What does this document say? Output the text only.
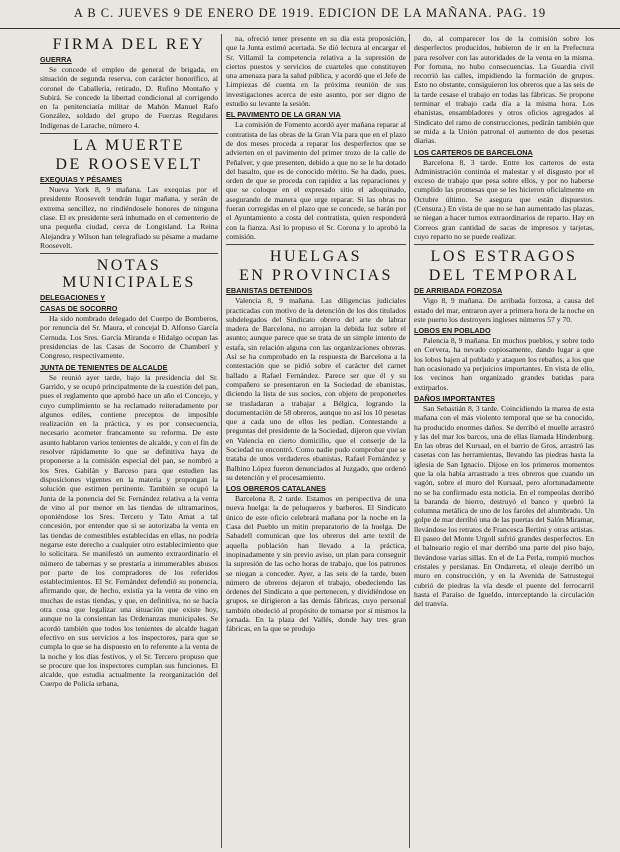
A B C. JUEVES 9 DE ENERO DE 1919. EDICION DE LA MAÑANA. PAG. 19
FIRMA DEL REY
GUERRA

Se concede el empleo de general de brigada, en situación de segunda reserva, con carácter honorífico, al coronel de Caballería, retirado, D. Rufino Montaño y Subirá. Se concede la libertad condicional al corrigendo en la penitenciaría militar de Mahón Manuel Rafo González, soldado del grupo de Fuerzas Regulares Indígenas de Larache, número 4.

LA MUERTE
DE ROOSEVELT
EXEQUIAS Y PÉSAMES

Nueva York 8, 9 mañana. Las exequias por el presidente Roosevelt tendrán lugar mañana, y serán de extrema sencillez, no rindiéndosele honores de ninguna clase. El ex presidente será inhumado en el cementerio de una pequeña ciudad, cerca de Longisland. La Reina Alejandra y Wilson han telegrafiado su pésame a madame Roosevelt.

NOTAS MUNICIPALES
DELEGACIONES Y
CASAS DE SOCORRO

Ha sido nombrado delegado del Cuerpo de Bomberos, por renuncia del Sr. Maura, el concejal D. Alfonso García Cernuda. Los Sres. García Miranda e Hidalgo ocupan las presidencias de las Casas de Socorro de Chamberí y Congreso, respectivamente.

JUNTA DE TENIENTES DE ALCALDE

Se reunió ayer tarde, bajo la presidencia del Sr. Garrido, y se ocupó principalmente de la cuestión del pan, pues el reglamento que aprobó hace un año el Concejo, y cuyo cumplimiento se ha reclamado reiteradamente por algunos ediles, contiene preceptos de imposible realización en la práctica, y es por consecuencia, necesario acometer francamente su reforma. De este asunto hablaron varios tenientes de alcalde, y con el fin de resolver rápidamente lo que se definitiva haya de proponerse a la comisión especial del pan, se nombró a los Sres. Gabilán y Barceso para que estudien las disposiciones vigentes en la materia y propongan la solución que estimen pertinente. También se ocupó la Junta de la ponencia del Sr. Fernández relativa a la venta de vino al por menor en las tiendas de ultramarinos, oponiéndose los Sres. Tercero y Tato Amat a tal concesión, por entender que si se autorizaba la venta en las tiendas de comestibles establecidas en ellas, no podría negarse este derecho a cualquier otro establecimiento que lo solicitara. Se manifestó un aumento extraordinario el número de tabernas y se prestaría a innumerables abusos por parte de los compradores de los referidos establecimientos. El Sr. Fernández defendió su ponencia, afirmando que, de hecho, existía ya la venta de vino en muchas de estas tiendas, y que, en definitiva, no se hacía otra cosa que legalizar una situación que existe hoy, aunque no la consientan las Ordenanzas municipales. Se acordó también que todos los tenientes de alcalde hagan efectivo en sus servicios a los inspectores, para que se cumpla lo que se ha dispuesto en lo referente a la venta de la noche y los días festivos, y el Sr. Tercero propuso que se procure que los inspectores cumplan sus funciones. El alcalde, que estudia actualmente la reorganización del Cuerpo de Policía urbana,

na, ofreció tener presente en su día esta proposición, que la Junta estimó acertada. Se dió lectura al encargar el Sr. Villamil la competencia relativa a la supresión de ciertos puestos y servicios de cuarteles que constituyen una amenaza para la salud pública, y acordó que el Jefe de Limpiezas dé cuenta en la próxima reunión de sus investigaciones acerca de este asunto, por ser digno de estudio su levante la sesión.

EL PAVIMENTO DE LA GRAN VIA

La comisión de Fomento acordó ayer mañana reparar al contratista de las obras de la Gran Vía para que en el plazo de dos meses proceda a reparar los desperfectos que se advierten en el pavimento del primer trozo de la calle de Peñalver, y que presenten, debido a que no se le ha dotado del basalto, que es de conocido mérito. Se ha dado, pues, orden de que se proceda con rapidez a las reparaciones y que se coloque en el expresado sitio el adoquinado, asegurando de manera que urge reparar. Si las obras no fueran corregidas en el plazo que se concede, se harán por el Ayuntamiento a costa del contratista, quien responderá con la fianza. Así lo propuso el Sr. Corona y lo aprobó la comisión.

HUELGAS
EN PROVINCIAS
EBANISTAS DETENIDOS

Valencia 8, 9 mañana. Las diligencias judiciales practicadas con motivo de la detención de los dos titulados subdelegados del Sindicato obrero del arte de labrar madera de Barcelona, no arrojan la debida luz sobre el asunto; aunque parece que se trata de un simple intento de estafa, sin relación alguna con las organizaciones obreras. Así se ha comprobado en la respuesta de Barcelona a la contestación que se pidió sobre el carácter del carnet hallado a Rafael Fernández. Parece ser que él y su compañero se presentaron en la Sociedad de ebanistas, diciendo la lista de sus socios, con objeto de proponerles se trasladaran a trabajar a Bélgica, logrando la documentación de 58 obreros, aunque no así los 10 pesetas que a cada uno de ellos les pedían. Contestando a preguntas del presidente de la Sociedad, dijeron que vivían en Valencia en cierto domicilio, que el conserje de la Sociedad no encontró. Como nadie pudo comprobar que se trataba de unos verdaderos ebanistas, Rafael Fernández y Balbino López fueron denunciados al Juzgado, que ordenó su detención y el procesamiento.

LOS OBREROS CATALANES

Barcelona 8, 2 tarde. Estamos en perspectiva de una nueva huelga: la de peluqueros y barberos. El Sindicato único de este oficio celebrará mañana por la noche en la Casa del Pueblo un mitin preparatorio de la huelga. De Sabadell comunican que los obreros del arte textil de aquella población han llevado a la práctica, inopinadamente y sin previo aviso, un plan para conseguir la supresión de las ocho horas de trabajo, que los patronos se niegan a conceder. Ayer, a las seis de la tarde, buen número de obreros dejaron el trabajo, obedeciendo las órdenes del Sindicato a que pertenecen, y dividiéndose en grupos, se dirigieron a las demás fábricas, cuyo personal también obedeció al propósito de tomarse por sí mismos la jornada. En la plaza del Vallés, donde hay tres gran fábricas, en la que se produjo

do, al comparecer los de la comisión sobre los desperfectos producidos, hubieron de ir en la Prefectura para resolver con las autoridades de la venta en la misma. Por fortuna, no hubo consecuencias. La Guardia civil recorrió las calles, impidiendo la formación de grupos. Esto no obstante, consiguieron los obreros que a las seis de la tarde cesase el trabajo en todas las fábricas. Se propone terminar el trabajo cada día a la misma hora. Los ebanistas, ensambladores y otros oficios agregados al Sindicato del ramo de construcciones, pedirán también que se mida a la Unión patronal el aumento de dos pesetas diarias.

LOS CARTEROS DE BARCELONA

Barcelona 8, 3 tarde. Entre los carteros de esta Administración continúa el malestar y el disgusto por el exceso de trabajo que pesa sobre ellos, y por no haberse cumplido las promesas que se les hicieron oficialmente en Octubre último. Se asegura que están dispuestos. (Censura.) En vista de que no se han aumentado las plazas, se niegan a hacer turnos extraordinarios de reparto. Hay en Correos gran cantidad de sacas de impresos y tarjetas, cuyo reparto no se puede realizar.

LOS ESTRAGOS
DEL TEMPORAL
DE ARRIBADA FORZOSA

Vigo 8, 9 mañana. De arribada forzosa, a causa del estado del mar, entraron ayer a primera hora de la noche en este puerto los destroyers ingleses números 57 y 70.

LOBOS EN POBLADO

Palencia 8, 9 mañana. En muchos pueblos, y sobre todo en Cervera, ha nevado copiosamente, dando lugar a que los lobos bajen al poblado y ataquen los rebaños, a los que han ocasionado ya perjuicios importantes. En vista de ello, los vecinos han organizado grandes batidas para extirparlos.

DAÑOS IMPORTANTES

San Sebastián 8, 3 tarde. Coincidiendo la marea de esta mañana con el más violento temporal que se ha conocido, ha producido enormes daños. Se derribó el muelle arrastró y las del mar los barcos, una de ellas llamada Hindenburg. En las obras del Kursaal, en el barrio de Gros, arrastró las casetas con las herramientas, llevando las piedras hasta la iglesia de San Ignacio. Dijose en los primeros momentos que la ola había arrastrado a tres obreros que cuando un vagón, sobre el muro del Kursaal, pero afortunadamente no se ha confirmado esta noticia. En el rompeolas derribó la baranda de hierro, destruyó el banco y quebró la columna metálica de uno de los faroles del alumbrado. Un golpe de mar derribó una de las puertas del Salón Miramar, llevándose los retratos de Francesca Bertini y otras artistas. El paseo del Monte Urgoll sufrió grandes desperfectos. En el balneario regio el mar derribó una parte del piso bajo, llevándose varias sillas. En el de La Perla, rompió muchos cristales y persianas. En Ondarreta, el oleaje derribó un muro en construcción, y en la Avenida de Satrustegui cubrió de piedras la vía desde el puente del ferrocarril hasta el Paraíso de Igueldo, interceptando la circulación del tranvía.
